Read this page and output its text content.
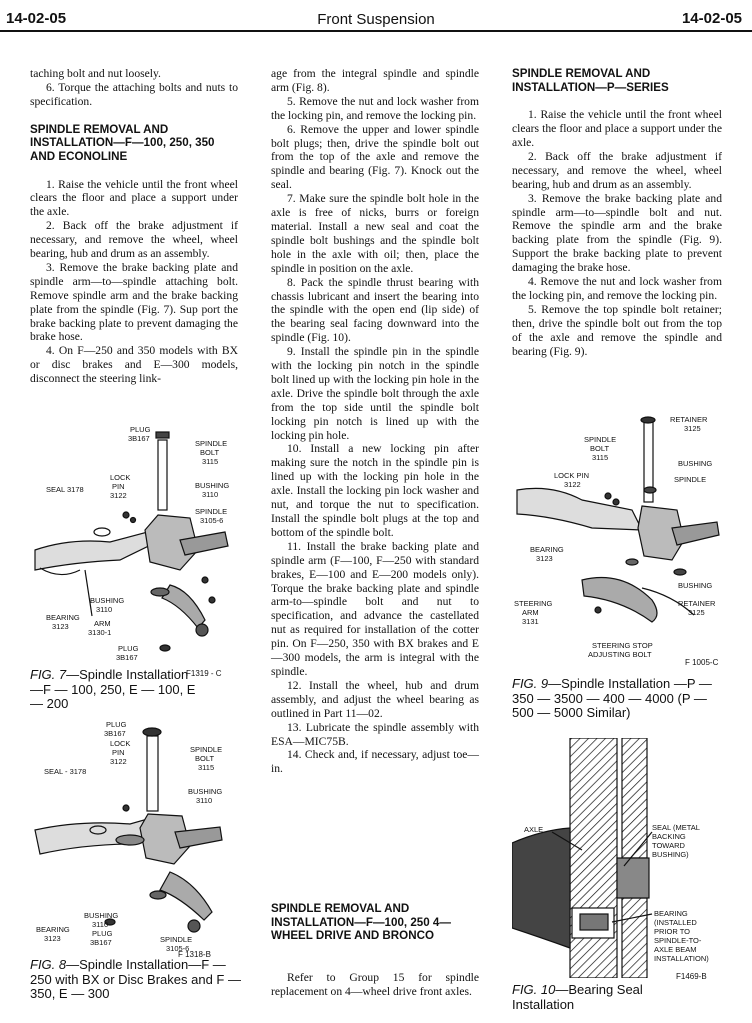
14-02-05	Front Suspension	14-02-05

taching bolt and nut loosely.

6. Torque the attaching bolts and nuts to specification.

SPINDLE REMOVAL AND INSTALLATION—F—100, 250, 350 AND ECONOLINE

1. Raise the vehicle until the front wheel clears the floor and place a support under the axle.

2. Back off the brake adjustment if necessary, and remove the wheel, wheel bearing, hub and drum as an assembly.

3. Remove the brake backing plate and spindle arm—to—spindle attaching bolt. Remove spindle arm and the brake backing plate from the spindle (Fig. 7). Sup port the brake backing plate to prevent damaging the brake hose.

4. On F—250 and 350 models with BX or disc brakes and E—300 models, disconnect the steering link-

PLUG
3B167
SPINDLE
BOLT
3115
LOCK
PIN
3122
SEAL 3178	BUSHING
3110
SPINDLE
3105-6
BUSHING
3110
ARM
3130-1
BEARING
3123
PLUG
3B167
F1319 - C
FIG. 7—Spindle Installation—F — 100, 250, E — 100, E — 200
PLUG
3B167
SPINDLE
BOLT
3115
LOCK
PIN
3122
SEAL - 3178
BUSHING
3110
BUSHING
3110
BEARING
3123
PLUG
3B167	SPINDLE
3105-6
F 1318-B
FIG. 8—Spindle Installation—F — 250 with BX or Disc Brakes and F — 350, E — 300

age from the integral spindle and spindle arm (Fig. 8).

5. Remove the nut and lock washer from the locking pin, and remove the locking pin.

6. Remove the upper and lower spindle bolt plugs; then, drive the spindle bolt out from the top of the axle and remove the spindle and bearing (Fig. 7). Knock out the seal.

7. Make sure the spindle bolt hole in the axle is free of nicks, burrs or foreign material. Install a new seal and coat the spindle bolt bushings and the spindle bolt hole in the axle with oil; then, place the spindle in position on the axle.

8. Pack the spindle thrust bearing with chassis lubricant and insert the bearing into the spindle with the open end (lip side) of the bearing seal facing downward into the spindle (Fig. 10).

9. Install the spindle pin in the spindle with the locking pin notch in the spindle bolt lined up with the locking pin hole in the axle. Drive the spindle bolt through the axle from the top side until the spindle bolt locking pin notch is lined up with the locking pin hole.

10. Install a new locking pin after making sure the notch in the spindle pin is lined up with the locking pin hole in the axle. Install the locking pin lock washer and nut, and torque the nut to specification. Install the spindle bolt plugs at the top and bottom of the spindle bolt.

11. Install the brake backing plate and spindle arm (F—100, F—250 with standard brakes, E—100 and E—200 models only). Torque the brake backing plate and spindle arm-to—spindle bolt and nut to specification, and advance the castellated nut as required for installation of the cotter pin. On F—250, 350 with BX brakes and E—300 models, the arm is integral with the spindle.

12. Install the wheel, hub and drum assembly, and adjust the wheel bearing as outlined in Part 11—02.

13. Lubricate the spindle assembly with ESA—MIC75B.

14. Check and, if necessary, adjust toe—in.

SPINDLE REMOVAL AND INSTALLATION—F—100, 250 4—WHEEL DRIVE AND BRONCO

Refer to Group 15 for spindle replacement on 4—wheel drive front axles.

SPINDLE REMOVAL AND INSTALLATION—P—SERIES

1. Raise the vehicle until the front wheel clears the floor and place a support under the axle.

2. Back off the brake adjustment if necessary, and remove the wheel, wheel bearing, hub and drum as an assembly.

3. Remove the brake backing plate and spindle arm—to—spindle bolt and nut. Remove the spindle arm and the brake backing plate from the spindle (Fig. 9). Support the brake backing plate to prevent damaging the brake hose.

4. Remove the nut and lock washer from the locking pin, and remove the locking pin.

5. Remove the top spindle bolt retainer; then, drive the spindle bolt out from the top of the axle and remove the spindle and bearing (Fig. 9).

RETAINER
3125
SPINDLE
BOLT
3115
BUSHING
LOCK PIN
3122
SPINDLE
BEARING
3123
BUSHING
STEERING
ARM
3131
RETAINER
3125
STEERING STOP
ADJUSTING BOLT
F 1005-C
FIG. 9—Spindle Installation —P — 350 — 3500 — 400 — 4000 (P — 500 — 5000 Similar)
AXLE	SEAL (METAL
BACKING
TOWARD
BUSHING)
BEARING
(INSTALLED
PRIOR TO
SPINDLE-TO-
AXLE BEAM
INSTALLATION)
F1469-B
FIG. 10—Bearing Seal Installation
